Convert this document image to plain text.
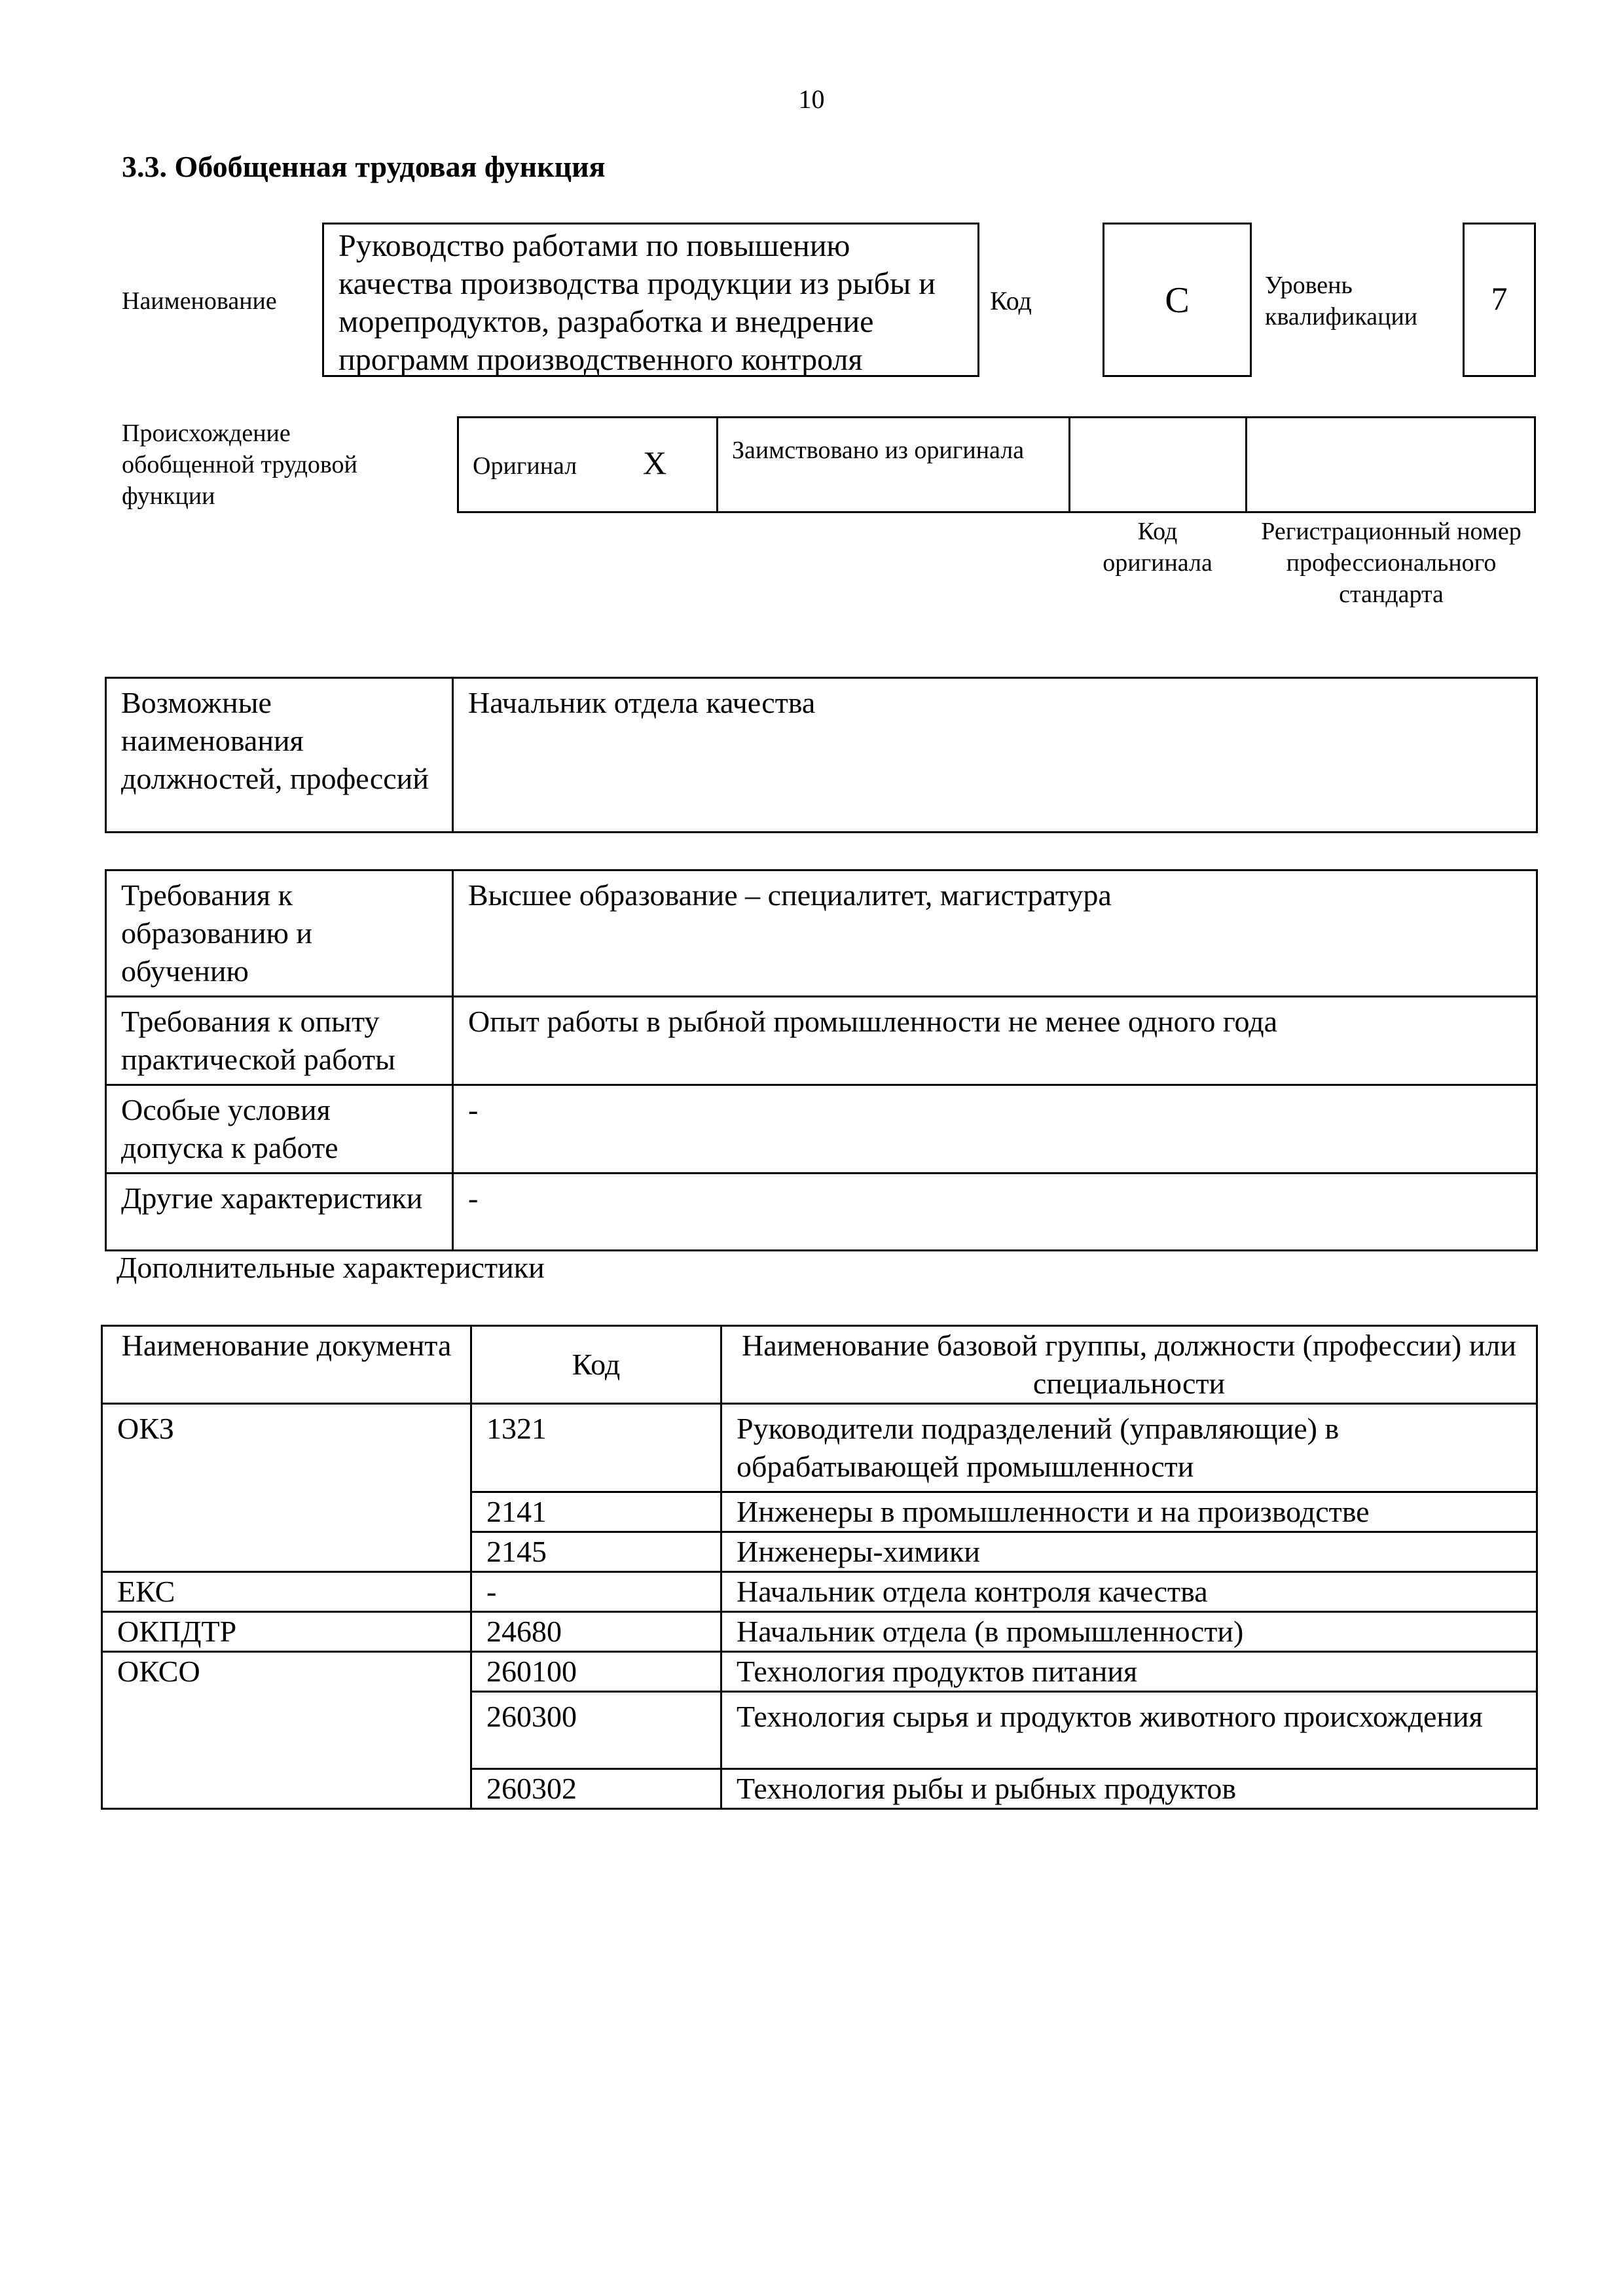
10
3.3. Обобщенная трудовая функция
Наименование
Руководство работами по повышению качества производства продукции из рыбы и морепродуктов, разработка и внедрение программ производственного контроля
Код	C	Уровень квалификации	7
Происхождение обобщенной трудовой функции
Оригинал X	Заимствовано из оригинала
Код оригинала
Регистрационный номер профессионального стандарта
Возможные наименования должностей, профессий	Начальник отдела качества
Требования к образованию и обучению	Высшее образование – специалитет, магистратура
Требования к опыту практической работы	Опыт работы в рыбной промышленности не менее одного года
Особые условия допуска к работе	-
Другие характеристики	-
Дополнительные характеристики
Наименование документа	Код	Наименование базовой группы, должности (профессии) или специальности
ОКЗ	1321	Руководители подразделений (управляющие) в обрабатывающей промышленности
	2141	Инженеры в промышленности и на производстве
	2145	Инженеры-химики
ЕКС	-	Начальник отдела контроля качества
ОКПДТР	24680	Начальник отдела (в промышленности)
ОКСО	260100	Технология продуктов питания
	260300	Технология сырья и продуктов животного происхождения
	260302	Технология рыбы и рыбных продуктов
